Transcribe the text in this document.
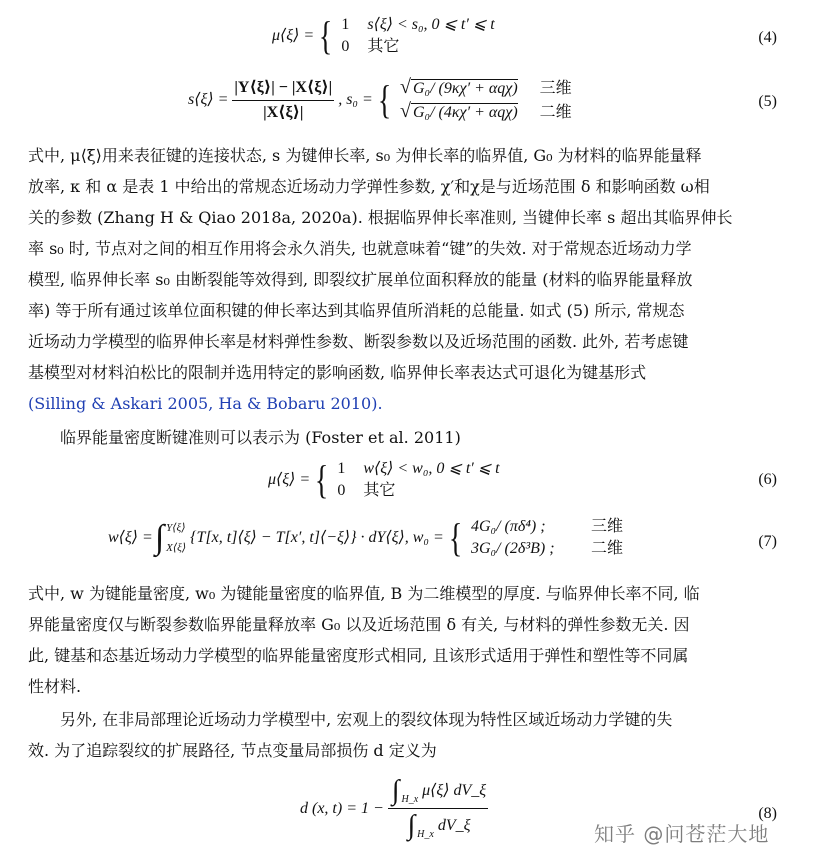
μ⟨ξ⟩ = { 1 s⟨ξ⟩ < s₀, 0 ⩽ t′ ⩽ t
0 其它
(4)
s⟨ξ⟩ = $\frac{|Y⟨\xi⟩| - |X⟨\xi⟩|}{|X⟨\xi⟩|}$ , s₀ = { √ G₀/ (9κχ′ + αqχ) 三维
√ G₀/ (4κχ′ + αqχ) 二维
(5)
式中, μ⟨ξ⟩用来表征键的连接状态, s 为键伸长率, s₀ 为伸长率的临界值, G₀ 为材料的临界能量释
放率, κ 和 α 是表 1 中给出的常规态近场动力学弹性参数, χ′和χ是与近场范围 δ 和影响函数 ω相
关的参数 (Zhang H & Qiao 2018a, 2020a). 根据临界伸长率准则, 当键伸长率 s 超出其临界伸长
率 s₀ 时, 节点对之间的相互作用将会永久消失, 也就意味着“键”的失效. 对于常规态近场动力学
模型, 临界伸长率 s₀ 由断裂能等效得到, 即裂纹扩展单位面积释放的能量 (材料的临界能量释放
率) 等于所有通过该单位面积键的伸长率达到其临界值所消耗的总能量. 如式 (5) 所示, 常规态
近场动力学模型的临界伸长率是材料弹性参数、断裂参数以及近场范围的函数. 此外, 若考虑键
基模型对材料泊松比的限制并选用特定的影响函数, 临界伸长率表达式可退化为键基形式
(Silling & Askari 2005, Ha & Bobaru 2010).
临界能量密度断键准则可以表示为 (Foster et al. 2011)
μ⟨ξ⟩ = { 1 w⟨ξ⟩ < w₀, 0 ⩽ t′ ⩽ t
0 其它
(6)
w⟨ξ⟩ = ∫ Y⟨ξ⟩
X⟨ξ⟩
{T[x, t]⟨ξ⟩ − T[x′, t]⟨−ξ⟩} · dY⟨ξ⟩, w₀ = { 4G₀/ (πδ⁴) ;	三维
3G₀/ (2δ³B) ; 二维	(7)
式中, w 为键能量密度, w₀ 为键能量密度的临界值, B 为二维模型的厚度. 与临界伸长率不同, 临
界能量密度仅与断裂参数临界能量释放率 G₀ 以及近场范围 δ 有关, 与材料的弹性参数无关. 因
此, 键基和态基近场动力学模型的临界能量密度形式相同, 且该形式适用于弹性和塑性等不同属
性材料.
另外, 在非局部理论近场动力学模型中, 宏观上的裂纹体现为特性区域近场动力学键的失
效. 为了追踪裂纹的扩展路径, 节点变量局部损伤 d 定义为
d (x, t) = 1 − ∫ H_x
μ⟨ξ⟩ dV_ξ
∫ H_x
dV_ξ	(8)
知乎 @问苍茫大地
